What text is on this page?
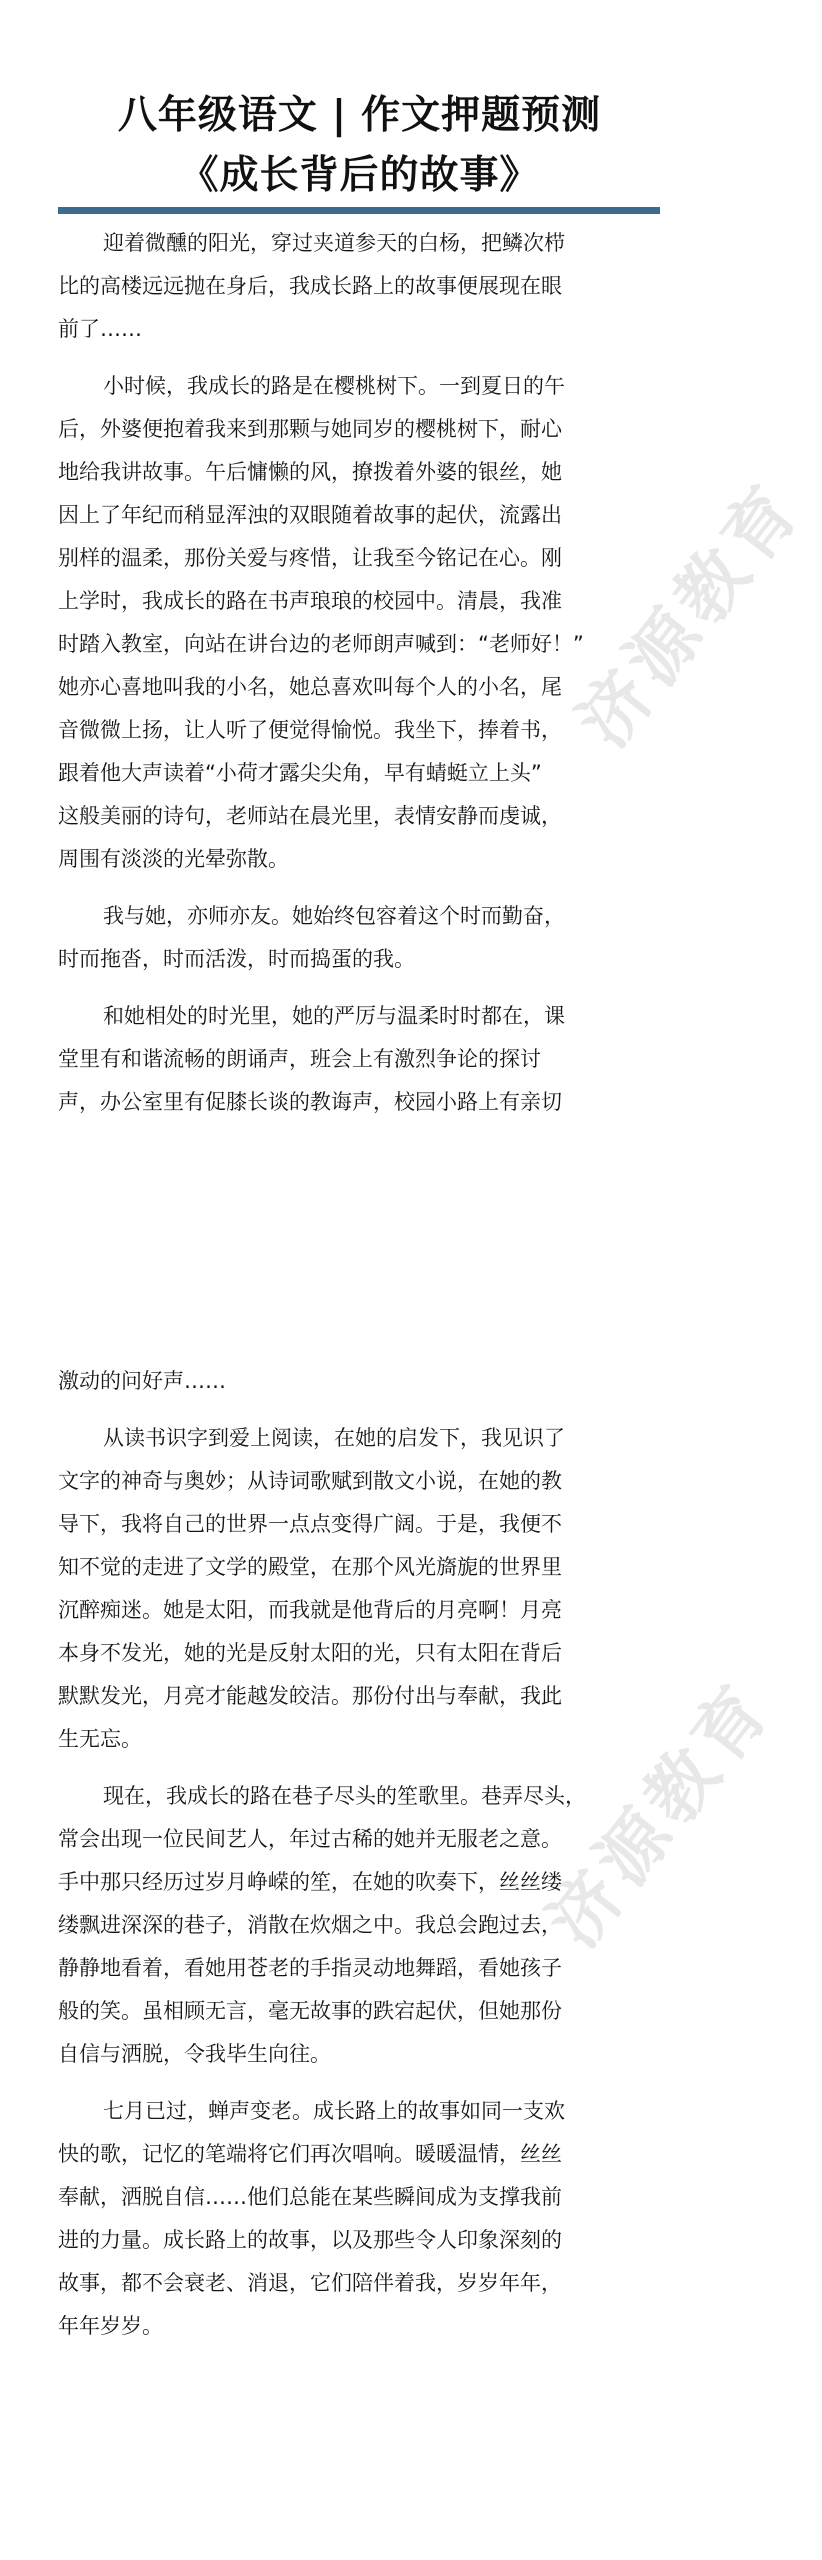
八年级语文 | 作文押题预测
《成长背后的故事》
迎着微醺的阳光，穿过夹道参天的白杨，把鳞次栉
比的高楼远远抛在身后，我成长路上的故事便展现在眼
前了……
小时候，我成长的路是在樱桃树下。一到夏日的午
后，外婆便抱着我来到那颗与她同岁的樱桃树下，耐心
地给我讲故事。午后慵懒的风，撩拨着外婆的银丝，她
因上了年纪而稍显浑浊的双眼随着故事的起伏，流露出
别样的温柔，那份关爱与疼惜，让我至今铭记在心。刚
上学时，我成长的路在书声琅琅的校园中。清晨，我准
时踏入教室，向站在讲台边的老师朗声喊到：“老师好！”
她亦心喜地叫我的小名，她总喜欢叫每个人的小名，尾
音微微上扬，让人听了便觉得愉悦。我坐下，捧着书，
跟着他大声读着“小荷才露尖尖角，早有蜻蜓立上头”
这般美丽的诗句，老师站在晨光里，表情安静而虔诚，
周围有淡淡的光晕弥散。
我与她，亦师亦友。她始终包容着这个时而勤奋，
时而拖沓，时而活泼，时而捣蛋的我。
和她相处的时光里，她的严厉与温柔时时都在，课
堂里有和谐流畅的朗诵声，班会上有激烈争论的探讨
声，办公室里有促膝长谈的教诲声，校园小路上有亲切
激动的问好声……
从读书识字到爱上阅读，在她的启发下，我见识了
文字的神奇与奥妙；从诗词歌赋到散文小说，在她的教
导下，我将自己的世界一点点变得广阔。于是，我便不
知不觉的走进了文学的殿堂，在那个风光旖旎的世界里
沉醉痴迷。她是太阳，而我就是他背后的月亮啊！月亮
本身不发光，她的光是反射太阳的光，只有太阳在背后
默默发光，月亮才能越发皎洁。那份付出与奉献，我此
生无忘。
现在，我成长的路在巷子尽头的笙歌里。巷弄尽头，
常会出现一位民间艺人，年过古稀的她并无服老之意。
手中那只经历过岁月峥嵘的笙，在她的吹奏下，丝丝缕
缕飘进深深的巷子，消散在炊烟之中。我总会跑过去，
静静地看着，看她用苍老的手指灵动地舞蹈，看她孩子
般的笑。虽相顾无言，毫无故事的跌宕起伏，但她那份
自信与洒脱，令我毕生向往。
七月已过，蝉声变老。成长路上的故事如同一支欢
快的歌，记忆的笔端将它们再次唱响。暖暖温情，丝丝
奉献，洒脱自信……他们总能在某些瞬间成为支撑我前
进的力量。成长路上的故事，以及那些令人印象深刻的
故事，都不会衰老、消退，它们陪伴着我，岁岁年年，
年年岁岁。
济源教育
济源教育
